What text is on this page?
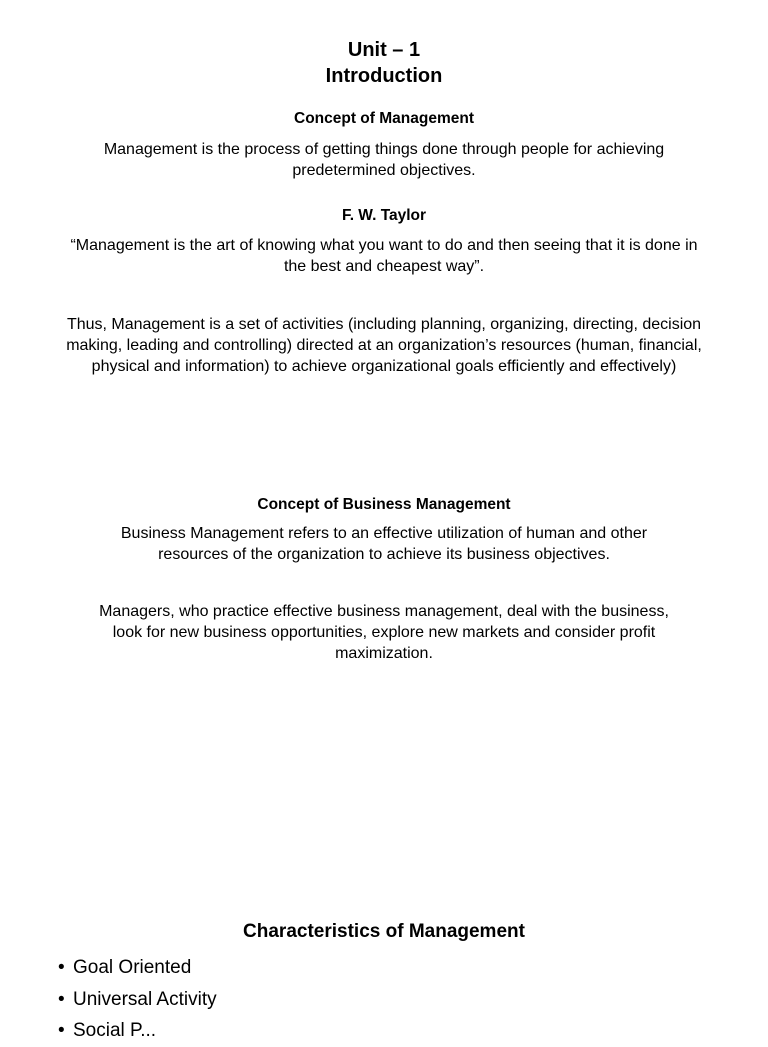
Unit – 1
Introduction
Concept of Management
Management is the process of getting things done through people for achieving predetermined objectives.
F. W. Taylor
“Management is the art of knowing what you want to do and then seeing that it is done in the best and cheapest way”.
Thus, Management is a set of activities (including planning, organizing, directing, decision making, leading and controlling) directed at an organization’s resources (human, financial, physical and information) to achieve organizational goals efficiently and effectively)
Concept of Business Management
Business Management refers to an effective utilization of human and other resources of the organization to achieve its business objectives.
Managers, who practice effective business management, deal with the business, look for new business opportunities, explore new markets and consider profit maximization.
Characteristics of Management
• Goal Oriented
• Universal Activity
• Social P...
